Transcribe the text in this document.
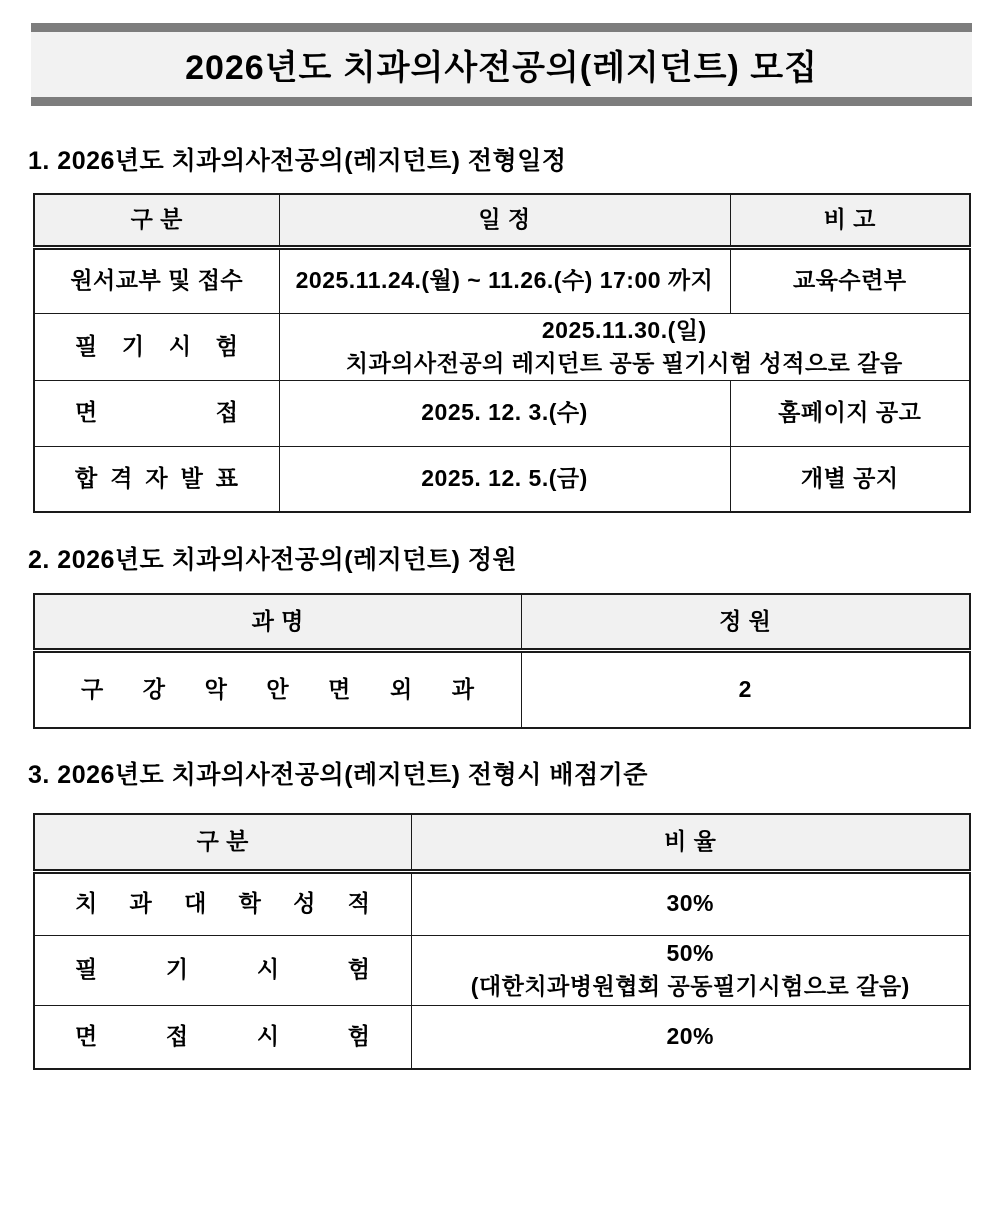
2026년도 치과의사전공의(레지던트) 모집
1. 2026년도 치과의사전공의(레지던트) 전형일정
구 분	일 정	비 고
원서교부 및 접수	2025.11.24.(월) ~ 11.26.(수) 17:00 까지	교육수련부

필 기 시 험	2025.11.30.(일)
치과의사전공의 레지던트 공동 필기시험 성적으로 갈음	

면 접	2025. 12. 3.(수)	홈페이지 공고

합 격 자 발 표	2025. 12. 5.(금)	개별 공지
2. 2026년도 치과의사전공의(레지던트) 정원
과 명	정 원

구 강 악 안 면 외 과	2
3. 2026년도 치과의사전공의(레지던트) 전형시 배점기준
구 분	비 율

치 과 대 학 성 적	30%

필 기 시 험	50%
(대한치과병원협회 공동필기시험으로 갈음)

면 접 시 험	20%
